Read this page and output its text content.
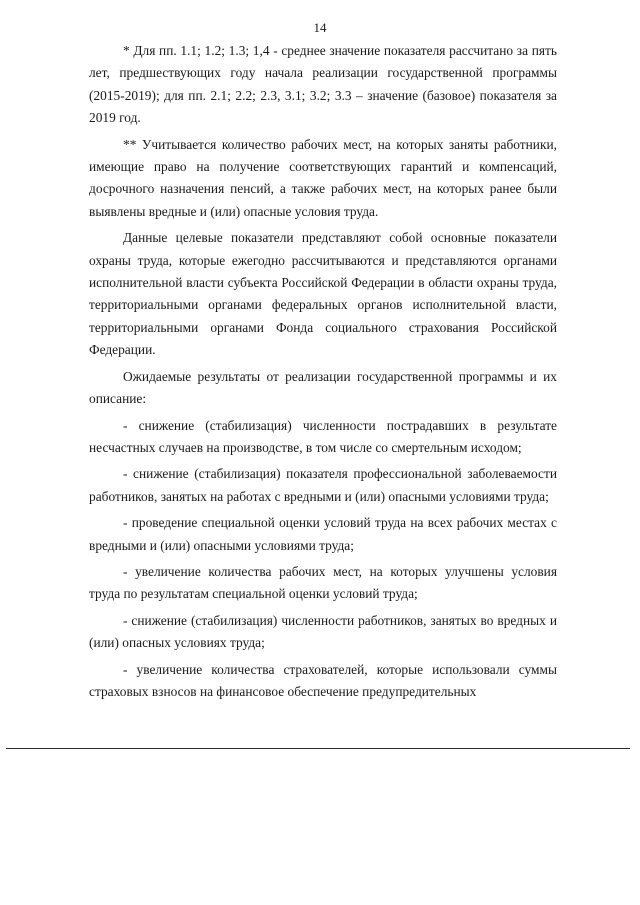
14

* Для пп. 1.1; 1.2; 1.3; 1,4 - среднее значение показателя рассчитано за пять лет, предшествующих году начала реализации государственной программы (2015-2019); для пп. 2.1; 2.2; 2.3, 3.1; 3.2; 3.3 – значение (базовое) показателя за 2019 год.

** Учитывается количество рабочих мест, на которых заняты работники, имеющие право на получение соответствующих гарантий и компенсаций, досрочного назначения пенсий, а также рабочих мест, на которых ранее были выявлены вредные и (или) опасные условия труда.

Данные целевые показатели представляют собой основные показатели охраны труда, которые ежегодно рассчитываются и представляются органами исполнительной власти субъекта Российской Федерации в области охраны труда, территориальными органами федеральных органов исполнительной власти, территориальными органами Фонда социального страхования Российской Федерации.

Ожидаемые результаты от реализации государственной программы и их описание:

- снижение (стабилизация) численности пострадавших в результате несчастных случаев на производстве, в том числе со смертельным исходом;

- снижение (стабилизация) показателя профессиональной заболеваемости работников, занятых на работах с вредными и (или) опасными условиями труда;

- проведение специальной оценки условий труда на всех рабочих местах с вредными и (или) опасными условиями труда;

- увеличение количества рабочих мест, на которых улучшены условия труда по результатам специальной оценки условий труда;

- снижение (стабилизация) численности работников, занятых во вредных и (или) опасных условиях труда;

- увеличение количества страхователей, которые использовали суммы страховых взносов на финансовое обеспечение предупредительных
